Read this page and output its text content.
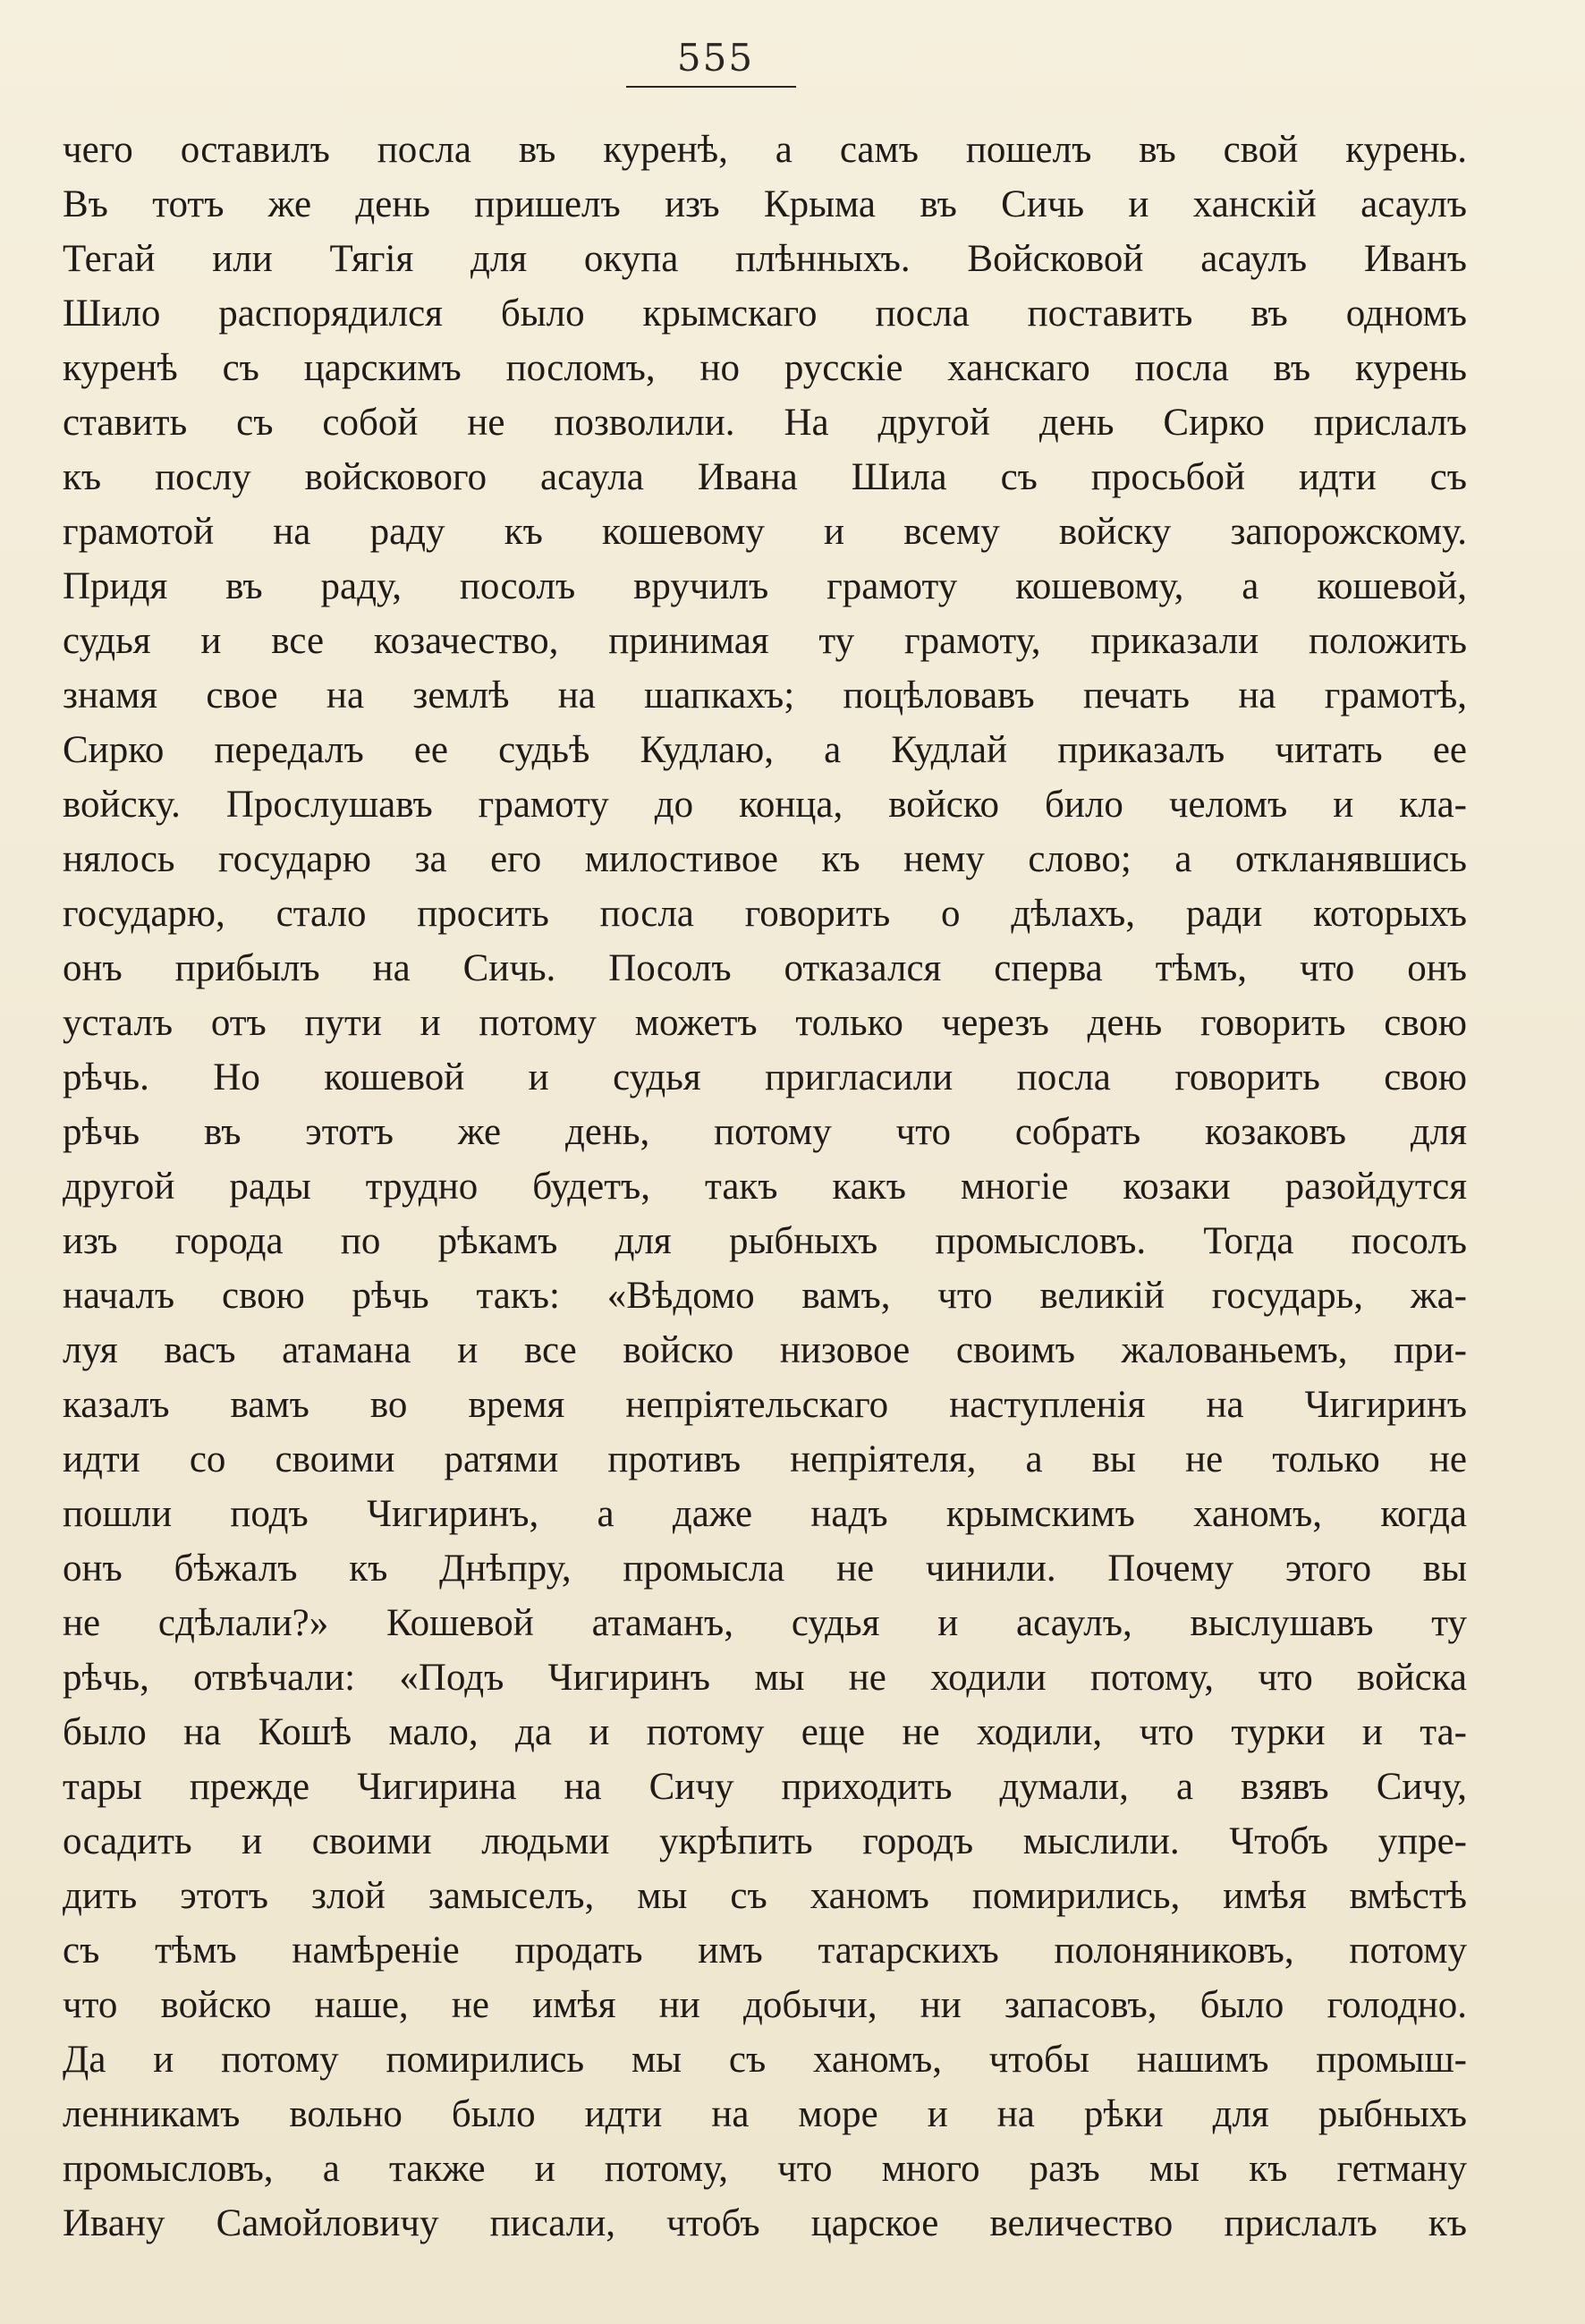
555
чего оставилъ посла въ куренѣ, а самъ пошелъ въ свой курень.
Въ тотъ же день пришелъ изъ Крыма въ Сичь и ханскій асаулъ
Тегай или Тягія для окупа плѣнныхъ. Войсковой асаулъ Иванъ
Шило распорядился было крымскаго посла поставить въ одномъ
куренѣ съ царскимъ посломъ, но русскіе ханскаго посла въ курень
ставить съ собой не позволили. На другой день Сирко прислалъ
къ послу войскового асаула Ивана Шила съ просьбой идти съ
грамотой на раду къ кошевому и всему войску запорожскому.
Придя въ раду, посолъ вручилъ грамоту кошевому, а кошевой,
судья и все козачество, принимая ту грамоту, приказали положить
знамя свое на землѣ на шапкахъ; поцѣловавъ печать на грамотѣ,
Сирко передалъ ее судьѣ Кудлаю, а Кудлай приказалъ читать ее
войску. Прослушавъ грамоту до конца, войско било челомъ и кла-
нялось государю за его милостивое къ нему слово; а откланявшись
государю, стало просить посла говорить о дѣлахъ, ради которыхъ
онъ прибылъ на Сичь. Посолъ отказался сперва тѣмъ, что онъ
усталъ отъ пути и потому можетъ только черезъ день говорить свою
рѣчь. Но кошевой и судья пригласили посла говорить свою
рѣчь въ этотъ же день, потому что собрать козаковъ для
другой рады трудно будетъ, такъ какъ многіе козаки разойдутся
изъ города по рѣкамъ для рыбныхъ промысловъ. Тогда посолъ
началъ свою рѣчь такъ: «Вѣдомо вамъ, что великій государь, жа-
луя васъ атамана и все войско низовое своимъ жалованьемъ, при-
казалъ вамъ во время непріятельскаго наступленія на Чигиринъ
идти со своими ратями противъ непріятеля, а вы не только не
пошли подъ Чигиринъ, а даже надъ крымскимъ ханомъ, когда
онъ бѣжалъ къ Днѣпру, промысла не чинили. Почему этого вы
не сдѣлали?» Кошевой атаманъ, судья и асаулъ, выслушавъ ту
рѣчь, отвѣчали: «Подъ Чигиринъ мы не ходили потому, что войска
было на Кошѣ мало, да и потому еще не ходили, что турки и та-
тары прежде Чигирина на Сичу приходить думали, а взявъ Сичу,
осадить и своими людьми укрѣпить городъ мыслили. Чтобъ упре-
дить этотъ злой замыселъ, мы съ ханомъ помирились, имѣя вмѣстѣ
съ тѣмъ намѣреніе продать имъ татарскихъ полоняниковъ, потому
что войско наше, не имѣя ни добычи, ни запасовъ, было голодно.
Да и потому помирились мы съ ханомъ, чтобы нашимъ промыш-
ленникамъ вольно было идти на море и на рѣки для рыбныхъ
промысловъ, а также и потому, что много разъ мы къ гетману
Ивану Самойловичу писали, чтобъ царское величество прислалъ къ
